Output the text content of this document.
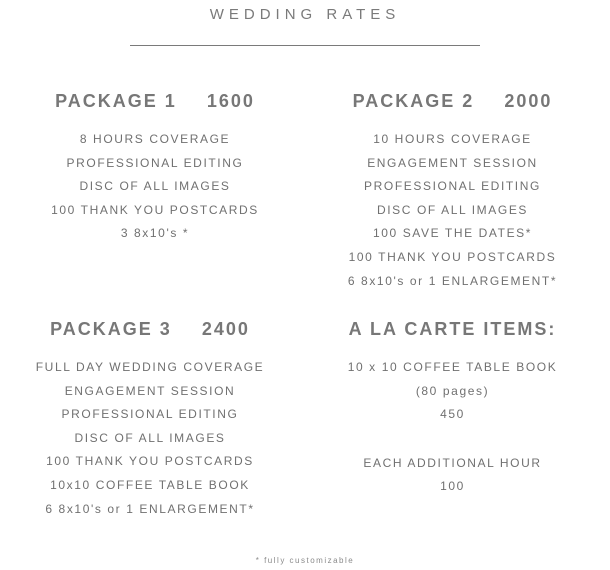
WEDDING RATES
PACKAGE 1 1600
8 HOURS COVERAGE
PROFESSIONAL EDITING
DISC OF ALL IMAGES
100 THANK YOU POSTCARDS
3 8x10's *
PACKAGE 2 2000
10 HOURS COVERAGE
ENGAGEMENT SESSION
PROFESSIONAL EDITING
DISC OF ALL IMAGES
100 SAVE THE DATES*
100 THANK YOU POSTCARDS
6 8x10's or 1 ENLARGEMENT*
PACKAGE 3 2400
FULL DAY WEDDING COVERAGE
ENGAGEMENT SESSION
PROFESSIONAL EDITING
DISC OF ALL IMAGES
100 THANK YOU POSTCARDS
10x10 COFFEE TABLE BOOK
6 8x10's or 1 ENLARGEMENT*
A LA CARTE ITEMS:
10 x 10 COFFEE TABLE BOOK
(80 pages)
450
EACH ADDITIONAL HOUR
100
* fully customizable
